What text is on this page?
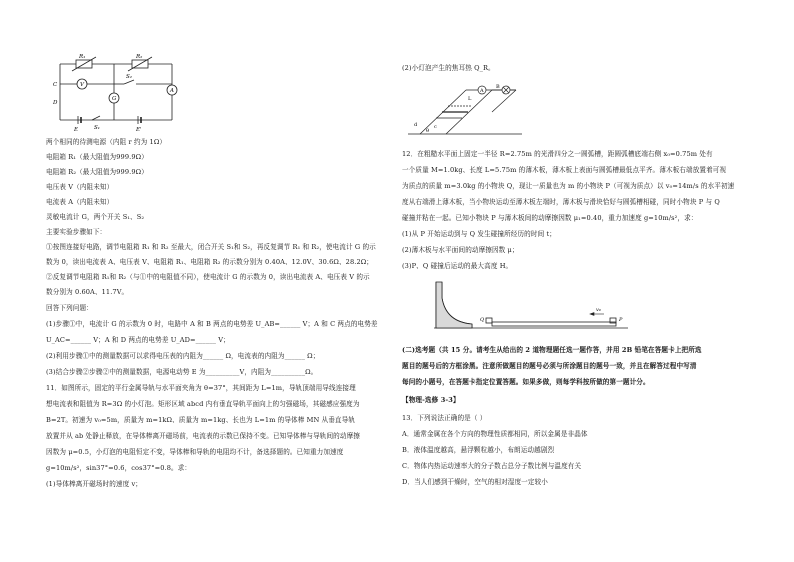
R₁	R₂
V
G
A
C
D
S₁
S₂
E	E'
两个相同的待测电源（内阻 r 约为 1Ω）
电阻箱 R₁（最大阻值为999.9Ω）
电阻箱 R₂（最大阻值为999.9Ω）
电压表 V（内阻未知）
电流表 A（内阻未知）
灵敏电流计 G，两个开关 S₁、S₂
主要实验步骤如下：
①按图连接好电路，调节电阻箱 R₁ 和 R₂ 至最大，闭合开关 S₁和 S₂，再反复调节 R₁ 和 R₂，使电流计 G 的示
数为 0，读出电流表 A、电压表 V、电阻箱 R₁、电阻箱 R₂ 的示数分别为 0.40A、12.0V、30.6Ω、28.2Ω；
②反复调节电阻箱 R₁和 R₂（与①中的电阻值不同），使电流计 G 的示数为 0，读出电流表 A、电压表 V 的示
数分别为 0.60A、11.7V。
回答下列问题：
(1)步骤①中，电流计 G 的示数为 0 时，电路中 A 和 B 两点的电势差 U_AB=______ V；A 和 C 两点的电势差
U_AC=______ V；A 和 D 两点的电势差 U_AD=______ V；
(2)利用步骤①中的测量数据可以求得电压表的内阻为______ Ω，电流表的内阻为______ Ω；
(3)结合步骤②步骤②中的测量数据，电源电动势 E 为__________V，内阻为__________Ω。
11．如图所示，固定的平行金属导轨与水平面夹角为 θ=37°，其间距为 L=1m，导轨顶端用导线连接理
想电流表和阻值为 R=3Ω 的小灯泡。矩形区域 abcd 内有垂直导轨平面向上的匀强磁场，其磁感应强度为
B=2T。初速为 v₀=5m，质量为 m=1kΩ、质量为 m=1kg、长也为 L=1m 的导体棒 MN 从垂直导轨
放置并从 ab 处静止释放，在导体棒离开磁场前，电流表的示数已保持不变。已知导体棒与导轨间的动摩擦
因数为 μ=0.5，小灯泡的电阻恒定不变，导体棒和导轨的电阻均不计，备选择题的。已知重力加速度
g=10m/s²，sin37°=0.6，cos37°=0.8。求：
(1)导体棒离开磁场时的速度 v；
(2)小灯泡产生的焦耳热 Q_R。
A
L
B
d	c
θ
12．在粗糙水平面上固定一半径 R=2.75m 的光滑四分之一圆弧槽，距圆弧槽底端右侧 x₀=0.75m 处有
一个质量 M=1.0kg、长度 L=5.75m 的薄木板，薄木板上表面与圆弧槽最低点平齐。薄木板右端放置着可视
为质点的质量 m=3.0kg 的小物块 Q，现让一质量也为 m 的小物块 P（可视为质点）以 v₀=14m/s 的水平初速
度从右端滑上薄木板，当小物块运动至薄木板左端时，薄木板与滑块恰好与圆弧槽相碰，同时小物块 P 与 Q
碰撞并粘在一起。已知小物块 P 与薄木板间的动摩擦因数 μ₁=0.40，重力加速度 g=10m/s²，求：
(1)从 P 开始运动到与 Q 发生碰撞所经历的时间 t；
(2)薄木板与水平面间的动摩擦因数 μ；
(3)P、Q 碰撞后运动的最大高度 H。
Q	P
v₀
(二)选考题（共 15 分。请考生从给出的 2 道物理题任选一题作答，并用 2B 铅笔在答题卡上把所选
题目的题号后的方框涂黑。注意所做题目的题号必须与所涂题目的题号一致，并且在解答过程中写清
每问的小题号，在答题卡指定位置答题。如果多做，则每学科按所做的第一题计分。
【物理-选修 3-3】
13．下列说法正确的是（ ）
A．通常金属在各个方向的物理性质都相同，所以金属是非晶体
B．液体温度越高，悬浮颗粒越小，布朗运动越剧烈
C．物体内热运动速率大的分子数占总分子数比例与温度有关
D．当人们感到干燥时，空气的相对湿度一定较小
